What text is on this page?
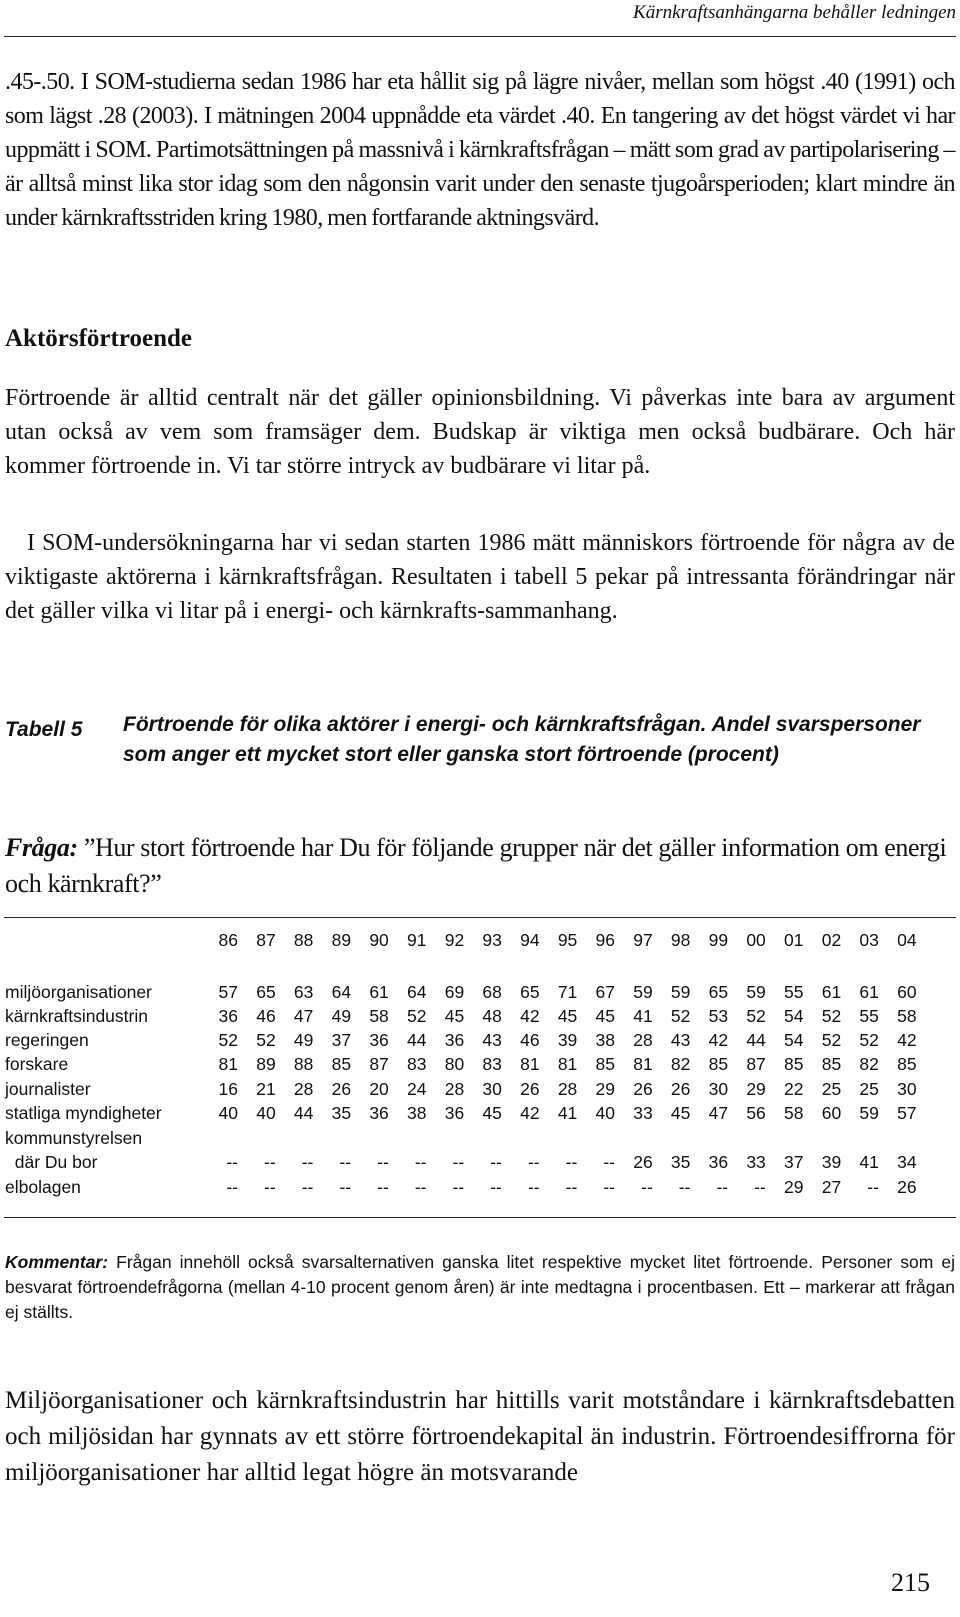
Kärnkraftsanhängarna behåller ledningen

.45-.50. I SOM-studierna sedan 1986 har eta hållit sig på lägre nivåer, mellan som högst .40 (1991) och som lägst .28 (2003). I mätningen 2004 uppnådde eta värdet .40. En tangering av det högst värdet vi har uppmätt i SOM. Partimotsättningen på massnivå i kärnkraftsfrågan – mätt som grad av partipolarisering – är alltså minst lika stor idag som den någonsin varit under den senaste tjugoårsperioden; klart mindre än under kärnkraftsstriden kring 1980, men fortfarande aktningsvärd.

Aktörsförtroende

Förtroende är alltid centralt när det gäller opinionsbildning. Vi påverkas inte bara av argument utan också av vem som framsäger dem. Budskap är viktiga men också budbärare. Och här kommer förtroende in. Vi tar större intryck av budbärare vi litar på.

I SOM-undersökningarna har vi sedan starten 1986 mätt människors förtroende för några av de viktigaste aktörerna i kärnkraftsfrågan. Resultaten i tabell 5 pekar på intressanta förändringar när det gäller vilka vi litar på i energi- och kärnkrafts-sammanhang.

Tabell 5 Förtroende för olika aktörer i energi- och kärnkraftsfrågan. Andel svarspersoner som anger ett mycket stort eller ganska stort förtroende (procent)

Fråga: ”Hur stort förtroende har Du för följande grupper när det gäller information om energi och kärnkraft?”

86	87	88	89	90	91	92	93	94	95	96	97	98	99	00	01	02	03	04
miljöorganisationer	57	65	63	64	61	64	69	68	65	71	67	59	59	65	59	55	61	61	60
kärnkraftsindustrin	36	46	47	49	58	52	45	48	42	45	45	41	52	53	52	54	52	55	58
regeringen	52	52	49	37	36	44	36	43	46	39	38	28	43	42	44	54	52	52	42
forskare	81	89	88	85	87	83	80	83	81	81	85	81	82	85	87	85	85	82	85
journalister	16	21	28	26	20	24	28	30	26	28	29	26	26	30	29	22	25	25	30
statliga myndigheter	40	40	44	35	36	38	36	45	42	41	40	33	45	47	56	58	60	59	57
kommunstyrelsen
där Du bor	--	--	--	--	--	--	--	--	--	--	--	26	35	36	33	37	39	41	34
elbolagen	--	--	--	--	--	--	--	--	--	--	--	--	--	--	--	29	27	--	26

Kommentar: Frågan innehöll också svarsalternativen ganska litet respektive mycket litet förtroende. Personer som ej besvarat förtroendefrågorna (mellan 4-10 procent genom åren) är inte medtagna i procentbasen. Ett – markerar att frågan ej ställts.

Miljöorganisationer och kärnkraftsindustrin har hittills varit motståndare i kärnkraftsdebatten och miljösidan har gynnats av ett större förtroendekapital än industrin. Förtroendesiffrorna för miljöorganisationer har alltid legat högre än motsvarande

215
